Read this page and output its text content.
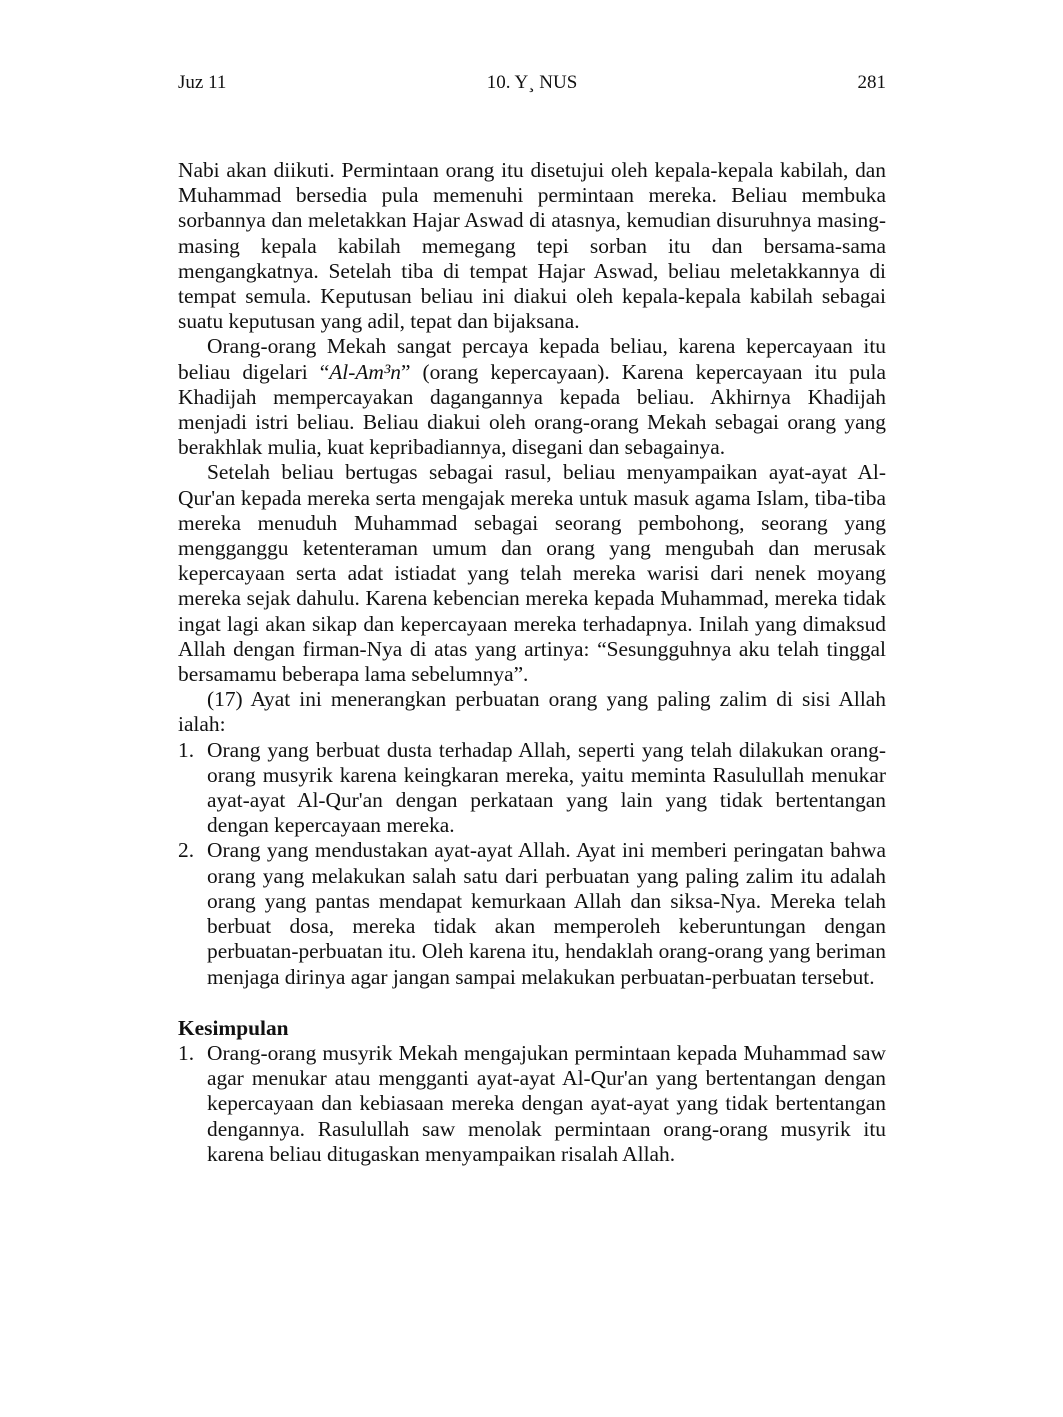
Juz 11	10. Y¸ NUS	281

Nabi akan diikuti. Permintaan orang itu disetujui oleh kepala-kepala kabilah, dan Muhammad bersedia pula memenuhi permintaan mereka. Beliau membuka sorbannya dan meletakkan Hajar Aswad di atasnya, kemudian disuruhnya masing-masing kepala kabilah memegang tepi sorban itu dan bersama-sama mengangkatnya. Setelah tiba di tempat Hajar Aswad, beliau meletakkannya di tempat semula. Keputusan beliau ini diakui oleh kepala-kepala kabilah sebagai suatu keputusan yang adil, tepat dan bijaksana.

Orang-orang Mekah sangat percaya kepada beliau, karena kepercayaan itu beliau digelari “Al-Am³n” (orang kepercayaan). Karena kepercayaan itu pula Khadijah mempercayakan dagangannya kepada beliau. Akhirnya Khadijah menjadi istri beliau. Beliau diakui oleh orang-orang Mekah sebagai orang yang berakhlak mulia, kuat kepribadiannya, disegani dan sebagainya.

Setelah beliau bertugas sebagai rasul, beliau menyampaikan ayat-ayat Al-Qur'an kepada mereka serta mengajak mereka untuk masuk agama Islam, tiba-tiba mereka menuduh Muhammad sebagai seorang pembohong, seorang yang mengganggu ketenteraman umum dan orang yang mengubah dan merusak kepercayaan serta adat istiadat yang telah mereka warisi dari nenek moyang mereka sejak dahulu. Karena kebencian mereka kepada Muhammad, mereka tidak ingat lagi akan sikap dan kepercayaan mereka terhadapnya. Inilah yang dimaksud Allah dengan firman-Nya di atas yang artinya: “Sesungguhnya aku telah tinggal bersamamu beberapa lama sebelumnya”.

(17) Ayat ini menerangkan perbuatan orang yang paling zalim di sisi Allah ialah:

1. Orang yang berbuat dusta terhadap Allah, seperti yang telah dilakukan orang-orang musyrik karena keingkaran mereka, yaitu meminta Rasulullah menukar ayat-ayat Al-Qur'an dengan perkataan yang lain yang tidak bertentangan dengan kepercayaan mereka.
2. Orang yang mendustakan ayat-ayat Allah. Ayat ini memberi peringatan bahwa orang yang melakukan salah satu dari perbuatan yang paling zalim itu adalah orang yang pantas mendapat kemurkaan Allah dan siksa-Nya. Mereka telah berbuat dosa, mereka tidak akan memperoleh keberuntungan dengan perbuatan-perbuatan itu. Oleh karena itu, hendaklah orang-orang yang beriman menjaga dirinya agar jangan sampai melakukan perbuatan-perbuatan tersebut.
Kesimpulan
1. Orang-orang musyrik Mekah mengajukan permintaan kepada Muhammad saw agar menukar atau mengganti ayat-ayat Al-Qur'an yang bertentangan dengan kepercayaan dan kebiasaan mereka dengan ayat-ayat yang tidak bertentangan dengannya. Rasulullah saw menolak permintaan orang-orang musyrik itu karena beliau ditugaskan menyampaikan risalah Allah.
